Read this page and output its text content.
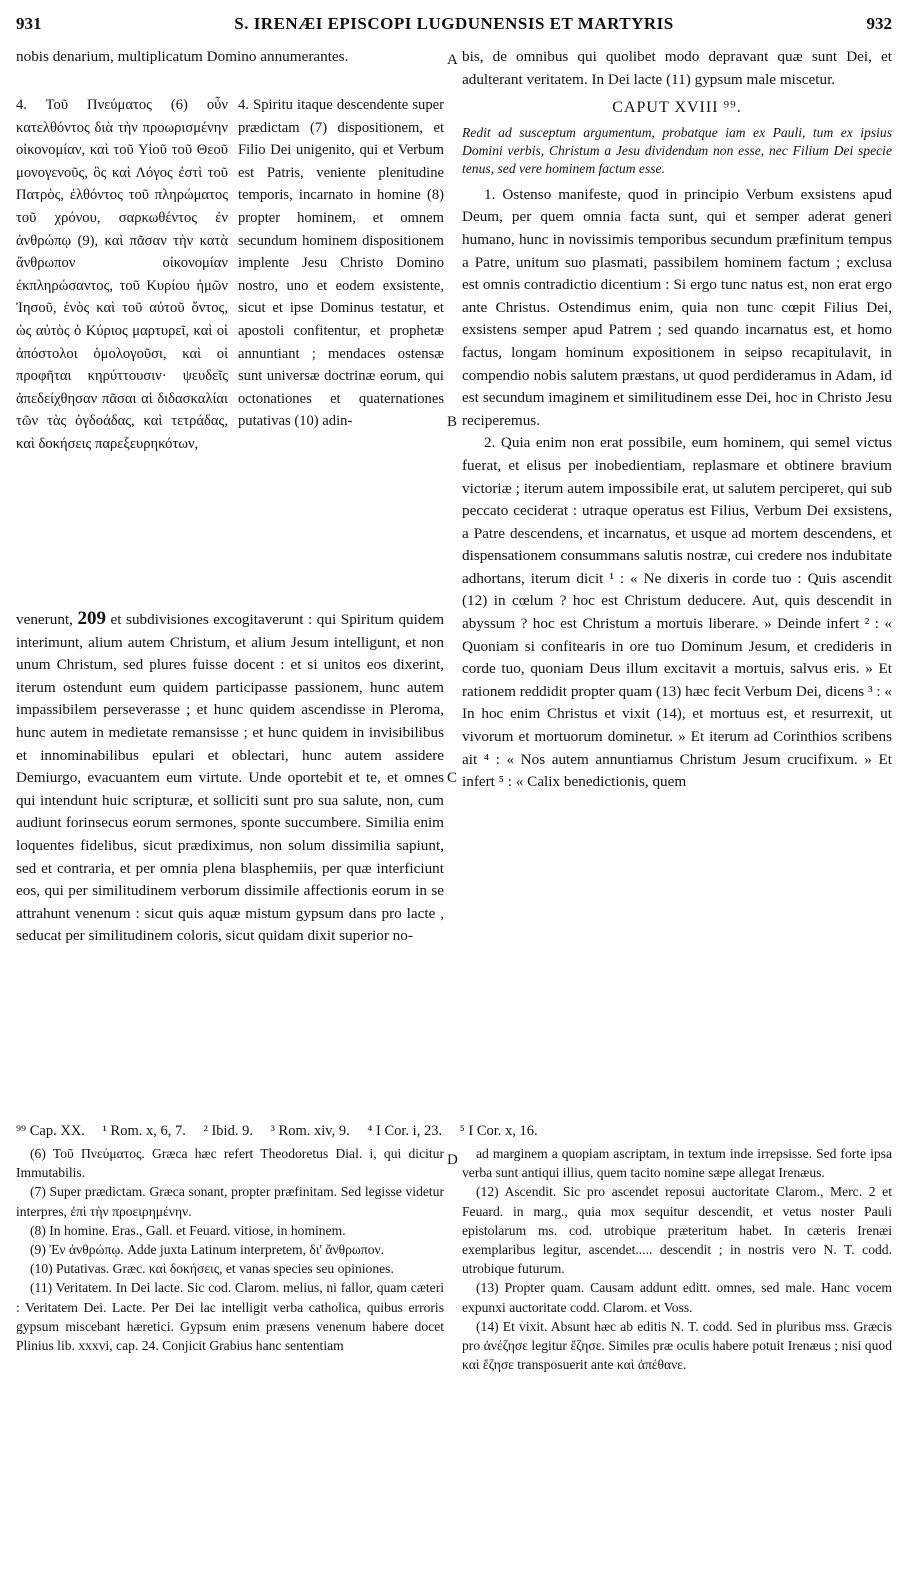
931	S. IRENÆI EPISCOPI LUGDUNENSIS ET MARTYRIS	932
A
B
C
D

nobis denarium, multiplicatum Domino annumerantes.

4. Τοῦ Πνεύματος (6) οὖν κατελθόντος διὰ τὴν προωρισμένην οἰκονομίαν, καὶ τοῦ Υἱοῦ τοῦ Θεοῦ μονογενοῦς, ὃς καὶ Λόγος ἐστὶ τοῦ Πατρὸς, ἐλθόντος τοῦ πληρώματος τοῦ χρόνου, σαρκωθέντος ἐν ἀνθρώπῳ (9), καὶ πᾶσαν τὴν κατὰ ἄνθρωπον οἰκονομίαν ἐκπληρώσαντος, τοῦ Κυρίου ἡμῶν Ἰησοῦ, ἑνὸς καὶ τοῦ αὐτοῦ ὄντος, ὡς αὐτὸς ὁ Κύριος μαρτυρεῖ, καὶ οἱ ἀπόστολοι ὁμολογοῦσι, καὶ οἱ προφῆται κηρύττουσιν· ψευδεῖς ἀπεδείχθησαν πᾶσαι αἱ διδασκαλίαι τῶν τὰς ὀγδοάδας, καὶ τετράδας, καὶ δοκήσεις παρεξευρηκότων,
4. Spiritu itaque descendente super prædictam (7) dispositionem, et Filio Dei unigenito, qui et Verbum est Patris, veniente plenitudine temporis, incarnato in homine (8) propter hominem, et omnem secundum hominem dispositionem implente Jesu Christo Domino nostro, uno et eodem exsistente, sicut et ipse Dominus testatur, et apostoli confitentur, et prophetæ annuntiant ; mendaces ostensæ sunt universæ doctrinæ eorum, qui octonationes et quaternationes putativas (10) adin-

venerunt, 209 et subdivisiones excogitaverunt : qui Spiritum quidem interimunt, alium autem Christum, et alium Jesum intelligunt, et non unum Christum, sed plures fuisse docent : et si unitos eos dixerint, iterum ostendunt eum quidem participasse passionem, hunc autem impassibilem perseverasse ; et hunc quidem ascendisse in Pleroma, hunc autem in medietate remansisse ; et hunc quidem in invisibilibus et innominabilibus epulari et oblectari, hunc autem assidere Demiurgo, evacuantem eum virtute. Unde oportebit et te, et omnes qui intendunt huic scripturæ, et solliciti sunt pro sua salute, non, cum audiunt forinsecus eorum sermones, sponte succumbere. Similia enim loquentes fidelibus, sicut prædiximus, non solum dissimilia sapiunt, sed et contraria, et per omnia plena blasphemiis, per quæ interficiunt eos, qui per similitudinem verborum dissimile affectionis eorum in se attrahunt venenum : sicut quis aquæ mistum gypsum dans pro lacte , seducat per similitudinem coloris, sicut quidam dixit superior no-

bis, de omnibus qui quolibet modo depravant quæ sunt Dei, et adulterant veritatem. In Dei lacte (11) gypsum male miscetur.

CAPUT XVIII ⁹⁹.

Redit ad susceptum argumentum, probatque iam ex Pauli, tum ex ipsius Domini verbis, Christum a Jesu dividendum non esse, nec Filium Dei specie tenus, sed vere hominem factum esse.

1. Ostenso manifeste, quod in principio Verbum exsistens apud Deum, per quem omnia facta sunt, qui et semper aderat generi humano, hunc in novissimis temporibus secundum præfinitum tempus a Patre, unitum suo plasmati, passibilem hominem factum ; exclusa est omnis contradictio dicentium : Si ergo tunc natus est, non erat ergo ante Christus. Ostendimus enim, quia non tunc cœpit Filius Dei, exsistens semper apud Patrem ; sed quando incarnatus est, et homo factus, longam hominum expositionem in seipso recapitulavit, in compendio nobis salutem præstans, ut quod perdideramus in Adam, id est secundum imaginem et similitudinem esse Dei, hoc in Christo Jesu reciperemus.

2. Quia enim non erat possibile, eum hominem, qui semel victus fuerat, et elisus per inobedientiam, replasmare et obtinere bravium victoriæ ; iterum autem impossibile erat, ut salutem perciperet, qui sub peccato ceciderat : utraque operatus est Filius, Verbum Dei exsistens, a Patre descendens, et incarnatus, et usque ad mortem descendens, et dispensationem consummans salutis nostræ, cui credere nos indubitate adhortans, iterum dicit ¹ : « Ne dixeris in corde tuo : Quis ascendit (12) in cœlum ? hoc est Christum deducere. Aut, quis descendit in abyssum ? hoc est Christum a mortuis liberare. » Deinde infert ² : « Quoniam si confitearis in ore tuo Dominum Jesum, et credideris in corde tuo, quoniam Deus illum excitavit a mortuis, salvus eris. » Et rationem reddidit propter quam (13) hæc fecit Verbum Dei, dicens ³ : « In hoc enim Christus et vixit (14), et mortuus est, et resurrexit, ut vivorum et mortuorum dominetur. » Et iterum ad Corinthios scribens ait ⁴ : « Nos autem annuntiamus Christum Jesum crucifixum. » Et infert ⁵ : « Calix benedictionis, quem

⁹⁹ Cap. XX. ¹ Rom. x, 6, 7. ² Ibid. 9. ³ Rom. xiv, 9. ⁴ I Cor. i, 23. ⁵ I Cor. x, 16.

(6) Τοῦ Πνεύματος. Græca hæc refert Theodoretus Dial. i, qui dicitur Immutabilis.

(7) Super prædictam. Græca sonant, propter præfinitam. Sed legisse videtur interpres, ἐπὶ τὴν προειρημένην.

(8) In homine. Eras., Gall. et Feuard. vitiose, in hominem.

(9) Ἐν ἀνθρώπῳ. Adde juxta Latinum interpretem, δι' ἄνθρωπον.

(10) Putativas. Græc. καὶ δοκήσεις, et vanas species seu opiniones.

(11) Veritatem. In Dei lacte. Sic cod. Clarom. melius, ni fallor, quam cæteri : Veritatem Dei. Lacte. Per Dei lac intelligit verba catholica, quibus erroris gypsum miscebant hæretici. Gypsum enim præsens venenum habere docet Plinius lib. xxxvi, cap. 24. Conjicit Grabius hanc sententiam

ad marginem a quopiam ascriptam, in textum inde irrepsisse. Sed forte ipsa verba sunt antiqui illius, quem tacito nomine sæpe allegat Irenæus.

(12) Ascendit. Sic pro ascendet reposui auctoritate Clarom., Merc. 2 et Feuard. in marg., quia mox sequitur descendit, et vetus noster Pauli epistolarum ms. cod. utrobique præteritum habet. In cæteris Irenæi exemplaribus legitur, ascendet..... descendit ; in nostris vero N. T. codd. utrobique futurum.

(13) Propter quam. Causam addunt editt. omnes, sed male. Hanc vocem expunxi auctoritate codd. Clarom. et Voss.

(14) Et vixit. Absunt hæc ab editis N. T. codd. Sed in pluribus mss. Græcis pro ἀνέζησε legitur ἔζησε. Similes præ oculis habere potuit Irenæus ; nisi quod καὶ ἔζησε transposuerit ante καὶ ἀπέθανε.
